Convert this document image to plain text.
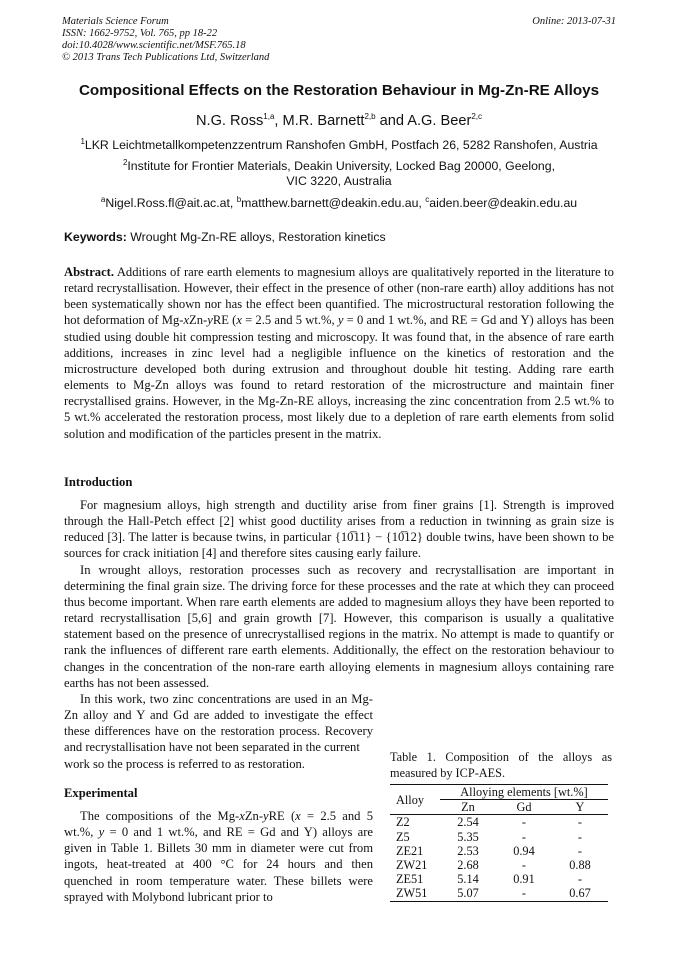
Materials Science Forum
ISSN: 1662-9752, Vol. 765, pp 18-22
doi:10.4028/www.scientific.net/MSF.765.18
© 2013 Trans Tech Publications Ltd, Switzerland
Online: 2013-07-31
Compositional Effects on the Restoration Behaviour in Mg-Zn-RE Alloys
N.G. Ross$^{1,a}$, M.R. Barnett$^{2,b}$ and A.G. Beer$^{2,c}$
$^1$LKR Leichtmetallkompetenzzentrum Ranshofen GmbH, Postfach 26, 5282 Ranshofen, Austria
$^2$Institute for Frontier Materials, Deakin University, Locked Bag 20000, Geelong,
VIC 3220, Australia
$^a$Nigel.Ross.fl@ait.ac.at, $^b$matthew.barnett@deakin.edu.au, $^c$aiden.beer@deakin.edu.au
Keywords: Wrought Mg-Zn-RE alloys, Restoration kinetics
Abstract. Additions of rare earth elements to magnesium alloys are qualitatively reported in the literature to retard recrystallisation. However, their effect in the presence of other (non-rare earth) alloy additions has not been systematically shown nor has the effect been quantified. The microstructural restoration following the hot deformation of Mg-xZn-yRE (x = 2.5 and 5 wt.%, y = 0 and 1 wt.%, and RE = Gd and Y) alloys has been studied using double hit compression testing and microscopy. It was found that, in the absence of rare earth additions, increases in zinc level had a negligible influence on the kinetics of restoration and the microstructure developed both during extrusion and throughout double hit testing. Adding rare earth elements to Mg-Zn alloys was found to retard restoration of the microstructure and maintain finer recrystallised grains. However, in the Mg-Zn-RE alloys, increasing the zinc concentration from 2.5 wt.% to 5 wt.% accelerated the restoration process, most likely due to a depletion of rare earth elements from solid solution and modification of the particles present in the matrix.
Introduction

For magnesium alloys, high strength and ductility arise from finer grains [1]. Strength is improved through the Hall-Petch effect [2] whist good ductility arises from a reduction in twinning as grain size is reduced [3]. The latter is because twins, in particular {10̅11} − {10̅12} double twins, have been shown to be sources for crack initiation [4] and therefore sites causing early failure.

In wrought alloys, restoration processes such as recovery and recrystallisation are important in determining the final grain size. The driving force for these processes and the rate at which they can proceed thus become important. When rare earth elements are added to magnesium alloys they have been reported to retard recrystallisation [5,6] and grain growth [7]. However, this comparison is usually a qualitative statement based on the presence of unrecrystallised regions in the matrix. No attempt is made to quantify or rank the influences of different rare earth elements. Additionally, the effect on the restoration behaviour to changes in the concentration of the non-rare earth alloying elements in magnesium alloys containing rare earths has not been assessed.

In this work, two zinc concentrations are used in an Mg-Zn alloy and Y and Gd are added to investigate the effect these differences have on the restoration process. Recovery and recrystallisation have not been separated in the current

work so the process is referred to as restoration.

Experimental

The compositions of the Mg-xZn-yRE (x = 2.5 and 5 wt.%, y = 0 and 1 wt.%, and RE = Gd and Y) alloys are given in Table 1. Billets 30 mm in diameter were cut from ingots, heat-treated at 400 °C for 24 hours and then quenched in room temperature water. These billets were sprayed with Molybond lubricant prior to

Table 1. Composition of the alloys as measured by ICP-AES.
Alloy	Alloying elements [wt.%]		
	Zn	Gd	Y
Z2	2.54	-	-
Z5	5.35	-	-
ZE21	2.53	0.94	-
ZW21	2.68	-	0.88
ZE51	5.14	0.91	-
ZW51	5.07	-	0.67
